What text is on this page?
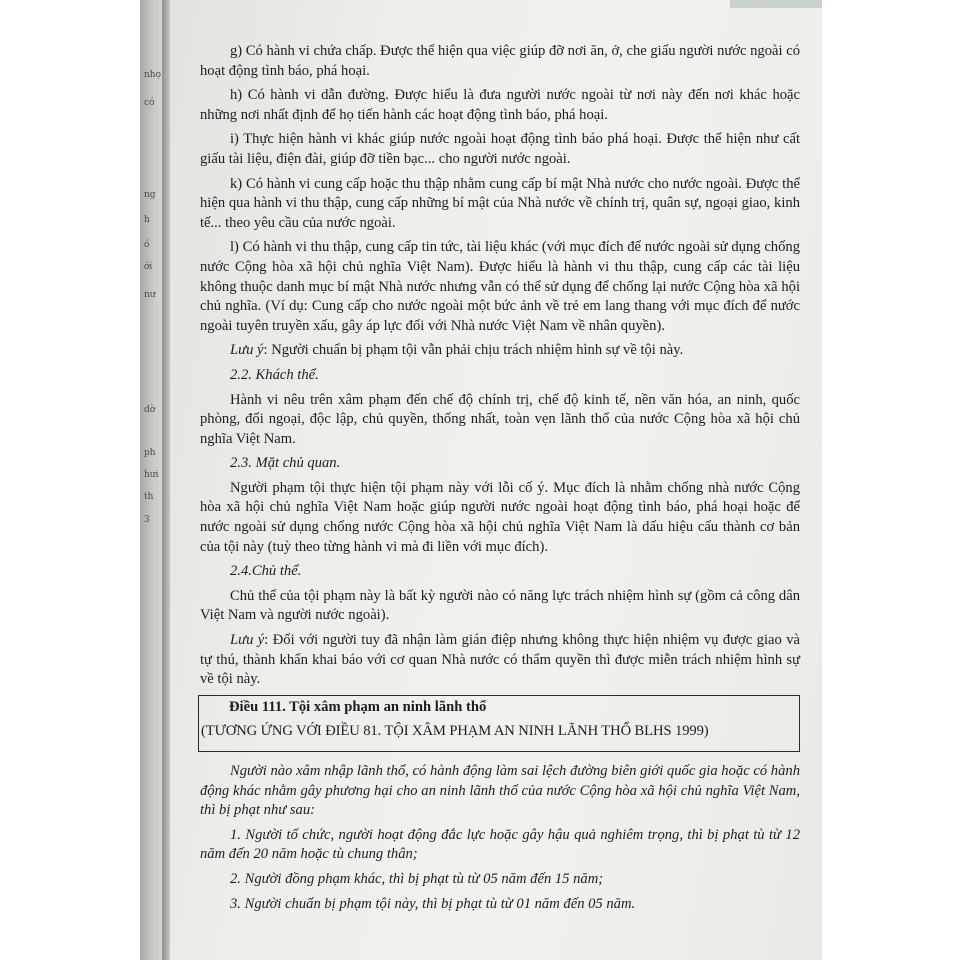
nhọ
có
ng
h
ó
ới
nư
dờ
ph
hưi
th
3

g) Có hành vi chứa chấp. Được thể hiện qua việc giúp đỡ nơi ăn, ở, che giấu người nước ngoài có hoạt động tình báo, phá hoại.

h) Có hành vi dẫn đường. Được hiểu là đưa người nước ngoài từ nơi này đến nơi khác hoặc những nơi nhất định để họ tiến hành các hoạt động tình báo, phá hoại.

i) Thực hiện hành vi khác giúp nước ngoài hoạt động tình báo phá hoại. Được thể hiện như cất giấu tài liệu, điện đài, giúp đỡ tiền bạc... cho người nước ngoài.

k) Có hành vi cung cấp hoặc thu thập nhằm cung cấp bí mật Nhà nước cho nước ngoài. Được thể hiện qua hành vi thu thập, cung cấp những bí mật của Nhà nước về chính trị, quân sự, ngoại giao, kinh tế... theo yêu cầu của nước ngoài.

l) Có hành vi thu thập, cung cấp tin tức, tài liệu khác (với mục đích để nước ngoài sử dụng chống nước Cộng hòa xã hội chủ nghĩa Việt Nam). Được hiểu là hành vi thu thập, cung cấp các tài liệu không thuộc danh mục bí mật Nhà nước nhưng vẫn có thể sử dụng để chống lại nước Cộng hòa xã hội chủ nghĩa. (Ví dụ: Cung cấp cho nước ngoài một bức ảnh về trẻ em lang thang với mục đích để nước ngoài tuyên truyền xấu, gây áp lực đối với Nhà nước Việt Nam về nhân quyền).

Lưu ý: Người chuẩn bị phạm tội vẫn phải chịu trách nhiệm hình sự về tội này.

2.2. Khách thể.

Hành vi nêu trên xâm phạm đến chế độ chính trị, chế độ kinh tế, nền văn hóa, an ninh, quốc phòng, đối ngoại, độc lập, chủ quyền, thống nhất, toàn vẹn lãnh thổ của nước Cộng hòa xã hội chủ nghĩa Việt Nam.

2.3. Mặt chủ quan.

Người phạm tội thực hiện tội phạm này với lỗi cố ý. Mục đích là nhằm chống nhà nước Cộng hòa xã hội chủ nghĩa Việt Nam hoặc giúp người nước ngoài hoạt động tình báo, phá hoại hoặc để nước ngoài sử dụng chống nước Cộng hòa xã hội chủ nghĩa Việt Nam là dấu hiệu cấu thành cơ bản của tội này (tuỳ theo từng hành vi mà đi liền với mục đích).

2.4.Chủ thể.

Chủ thể của tội phạm này là bất kỳ người nào có năng lực trách nhiệm hình sự (gồm cả công dân Việt Nam và người nước ngoài).

Lưu ý: Đối với người tuy đã nhận làm gián điệp nhưng không thực hiện nhiệm vụ được giao và tự thú, thành khẩn khai báo với cơ quan Nhà nước có thẩm quyền thì được miễn trách nhiệm hình sự về tội này.

Điều 111. Tội xâm phạm an ninh lãnh thổ

(TƯƠNG ỨNG VỚI ĐIỀU 81. TỘI XÂM PHẠM AN NINH LÃNH THỔ BLHS 1999)

Người nào xâm nhập lãnh thổ, có hành động làm sai lệch đường biên giới quốc gia hoặc có hành động khác nhằm gây phương hại cho an ninh lãnh thổ của nước Cộng hòa xã hội chủ nghĩa Việt Nam, thì bị phạt như sau:

1. Người tổ chức, người hoạt động đắc lực hoặc gây hậu quả nghiêm trọng, thì bị phạt tù từ 12 năm đến 20 năm hoặc tù chung thân;

2. Người đồng phạm khác, thì bị phạt tù từ 05 năm đến 15 năm;

3. Người chuẩn bị phạm tội này, thì bị phạt tù từ 01 năm đến 05 năm.
